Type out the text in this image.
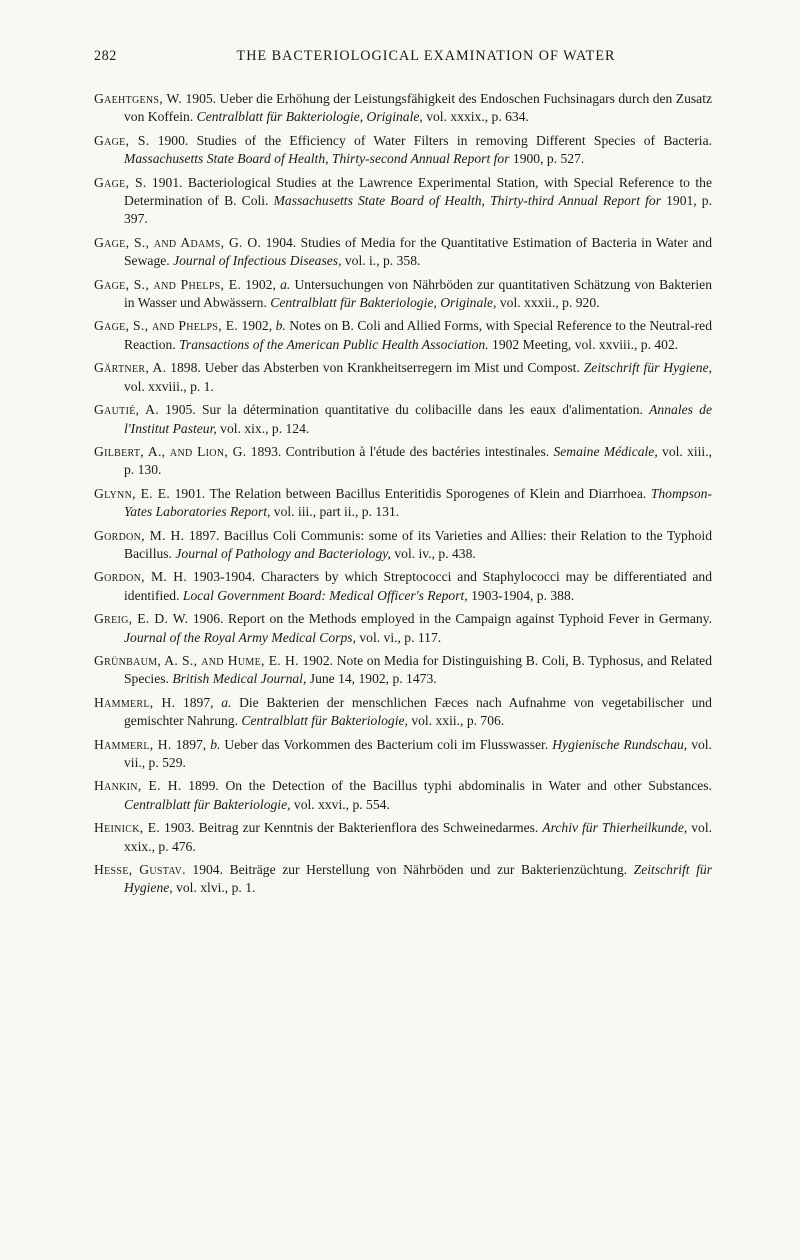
282	THE BACTERIOLOGICAL EXAMINATION OF WATER

Gaehtgens, W. 1905. Ueber die Erhöhung der Leistungsfähigkeit des Endoschen Fuchsinagars durch den Zusatz von Koffein. Centralblatt für Bakteriologie, Originale, vol. xxxix., p. 634.

Gage, S. 1900. Studies of the Efficiency of Water Filters in removing Different Species of Bacteria. Massachusetts State Board of Health, Thirty-second Annual Report for 1900, p. 527.

Gage, S. 1901. Bacteriological Studies at the Lawrence Experimental Station, with Special Reference to the Determination of B. Coli. Massachusetts State Board of Health, Thirty-third Annual Report for 1901, p. 397.

Gage, S., and Adams, G. O. 1904. Studies of Media for the Quantitative Estimation of Bacteria in Water and Sewage. Journal of Infectious Diseases, vol. i., p. 358.

Gage, S., and Phelps, E. 1902, a. Untersuchungen von Nährböden zur quantitativen Schätzung von Bakterien in Wasser und Abwässern. Centralblatt für Bakteriologie, Originale, vol. xxxii., p. 920.

Gage, S., and Phelps, E. 1902, b. Notes on B. Coli and Allied Forms, with Special Reference to the Neutral-red Reaction. Transactions of the American Public Health Association. 1902 Meeting, vol. xxviii., p. 402.

Gärtner, A. 1898. Ueber das Absterben von Krankheitserregern im Mist und Compost. Zeitschrift für Hygiene, vol. xxviii., p. 1.

Gautié, A. 1905. Sur la détermination quantitative du colibacille dans les eaux d'alimentation. Annales de l'Institut Pasteur, vol. xix., p. 124.

Gilbert, A., and Lion, G. 1893. Contribution à l'étude des bactéries intestinales. Semaine Médicale, vol. xiii., p. 130.

Glynn, E. E. 1901. The Relation between Bacillus Enteritidis Sporogenes of Klein and Diarrhoea. Thompson-Yates Laboratories Report, vol. iii., part ii., p. 131.

Gordon, M. H. 1897. Bacillus Coli Communis: some of its Varieties and Allies: their Relation to the Typhoid Bacillus. Journal of Pathology and Bacteriology, vol. iv., p. 438.

Gordon, M. H. 1903-1904. Characters by which Streptococci and Staphylococci may be differentiated and identified. Local Government Board: Medical Officer's Report, 1903-1904, p. 388.

Greig, E. D. W. 1906. Report on the Methods employed in the Campaign against Typhoid Fever in Germany. Journal of the Royal Army Medical Corps, vol. vi., p. 117.

Grünbaum, A. S., and Hume, E. H. 1902. Note on Media for Distinguishing B. Coli, B. Typhosus, and Related Species. British Medical Journal, June 14, 1902, p. 1473.

Hammerl, H. 1897, a. Die Bakterien der menschlichen Fæces nach Aufnahme von vegetabilischer und gemischter Nahrung. Centralblatt für Bakteriologie, vol. xxii., p. 706.

Hammerl, H. 1897, b. Ueber das Vorkommen des Bacterium coli im Flusswasser. Hygienische Rundschau, vol. vii., p. 529.

Hankin, E. H. 1899. On the Detection of the Bacillus typhi abdominalis in Water and other Substances. Centralblatt für Bakteriologie, vol. xxvi., p. 554.

Heinick, E. 1903. Beitrag zur Kenntnis der Bakterienflora des Schweinedarmes. Archiv für Thierheilkunde, vol. xxix., p. 476.

Hesse, Gustav. 1904. Beiträge zur Herstellung von Nährböden und zur Bakterienzüchtung. Zeitschrift für Hygiene, vol. xlvi., p. 1.
